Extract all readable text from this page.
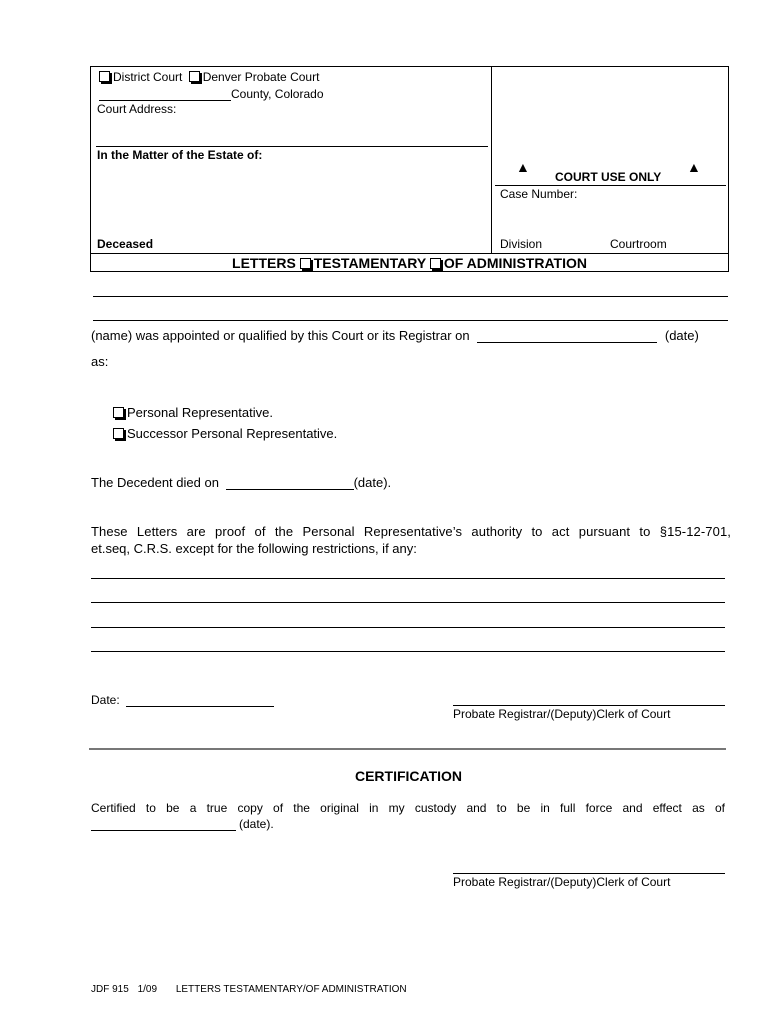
District Court Denver Probate Court
County, Colorado
Court Address:
In the Matter of the Estate of:
Deceased
▲
COURT USE ONLY
▲
Case Number:
Division	Courtroom
LETTERS TESTAMENTARY OF ADMINISTRATION
(name) was appointed or qualified by this Court or its Registrar on	(date)
as:
Personal Representative.
Successor Personal Representative.
The Decedent died on	(date).
These Letters are proof of the Personal Representative’s authority to act pursuant to §15-12-701,
et.seq, C.R.S. except for the following restrictions, if any:
Date:
Probate Registrar/(Deputy)Clerk of Court
CERTIFICATION
Certified to be a true copy of the original in my custody and to be in full force and effect as of
(date).
Probate Registrar/(Deputy)Clerk of Court
JDF 915 1/09 LETTERS TESTAMENTARY/OF ADMINISTRATION
